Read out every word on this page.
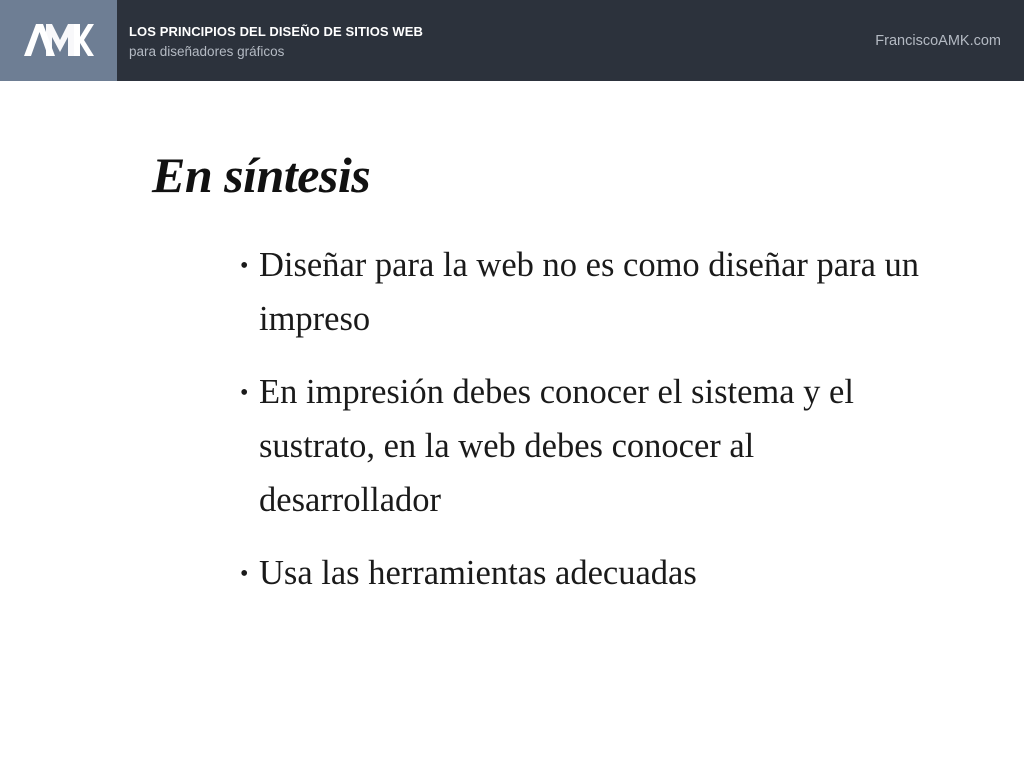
LOS PRINCIPIOS DEL DISEÑO DE SITIOS WEB
para diseñadores gráficos
FranciscoAMK.com
En síntesis
• Diseñar para la web no es como diseñar para un impreso
• En impresión debes conocer el sistema y el sustrato, en la web debes conocer al desarrollador
• Usa las herramientas adecuadas
